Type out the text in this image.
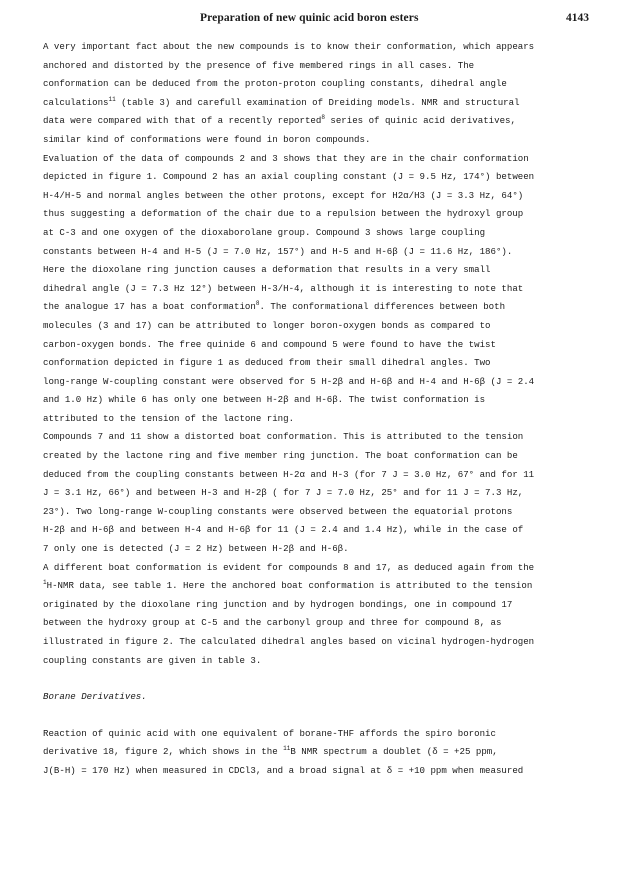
Preparation of new quinic acid boron esters	4143
A very important fact about the new compounds is to know their conformation, which appears
anchored and distorted by the presence of five membered rings in all cases. The
conformation can be deduced from the proton-proton coupling constants, dihedral angle
calculations$^{11}$ (table 3) and carefull examination of Dreiding models. NMR and structural
data were compared with that of a recently reported$^8$ series of quinic acid derivatives,
similar kind of conformations were found in boron compounds.
Evaluation of the data of compounds 2 and 3 shows that they are in the chair conformation
depicted in figure 1. Compound 2 has an axial coupling constant (J = 9.5 Hz, 174°) between
H-4/H-5 and normal angles between the other protons, except for H2α/H3 (J = 3.3 Hz, 64°)
thus suggesting a deformation of the chair due to a repulsion between the hydroxyl group
at C-3 and one oxygen of the dioxaborolane group. Compound 3 shows large coupling
constants between H-4 and H-5 (J = 7.0 Hz, 157°) and H-5 and H-6β (J = 11.6 Hz, 186°).
Here the dioxolane ring junction causes a deformation that results in a very small
dihedral angle (J = 7.3 Hz 12°) between H-3/H-4, although it is interesting to note that
the analogue 17 has a boat conformation$^8$. The conformational differences between both
molecules (3 and 17) can be attributed to longer boron-oxygen bonds as compared to
carbon-oxygen bonds. The free quinide 6 and compound 5 were found to have the twist
conformation depicted in figure 1 as deduced from their small dihedral angles. Two
long-range W-coupling constant were observed for 5 H-2β and H-6β and H-4 and H-6β (J = 2.4
and 1.0 Hz) while 6 has only one between H-2β and H-6β. The twist conformation is
attributed to the tension of the lactone ring.
Compounds 7 and 11 show a distorted boat conformation. This is attributed to the tension
created by the lactone ring and five member ring junction. The boat conformation can be
deduced from the coupling constants between H-2α and H-3 (for 7 J = 3.0 Hz, 67° and for 11
J = 3.1 Hz, 66°) and between H-3 and H-2β ( for 7 J = 7.0 Hz, 25° and for 11 J = 7.3 Hz,
23°). Two long-range W-coupling constants were observed between the equatorial protons
H-2β and H-6β and between H-4 and H-6β for 11 (J = 2.4 and 1.4 Hz), while in the case of
7 only one is detected (J = 2 Hz) between H-2β and H-6β.
A different boat conformation is evident for compounds 8 and 17, as deduced again from the
$^1$H-NMR data, see table 1. Here the anchored boat conformation is attributed to the tension
originated by the dioxolane ring junction and by hydrogen bondings, one in compound 17
between the hydroxy group at C-5 and the carbonyl group and three for compound 8, as
illustrated in figure 2. The calculated dihedral angles based on vicinal hydrogen-hydrogen
coupling constants are given in table 3.
Borane Derivatives.
Reaction of quinic acid with one equivalent of borane-THF affords the spiro boronic
derivative 18, figure 2, which shows in the $^{11}$B NMR spectrum a doublet (δ = +25 ppm,
J(B-H) = 170 Hz) when measured in CDCl3, and a broad signal at δ = +10 ppm when measured
